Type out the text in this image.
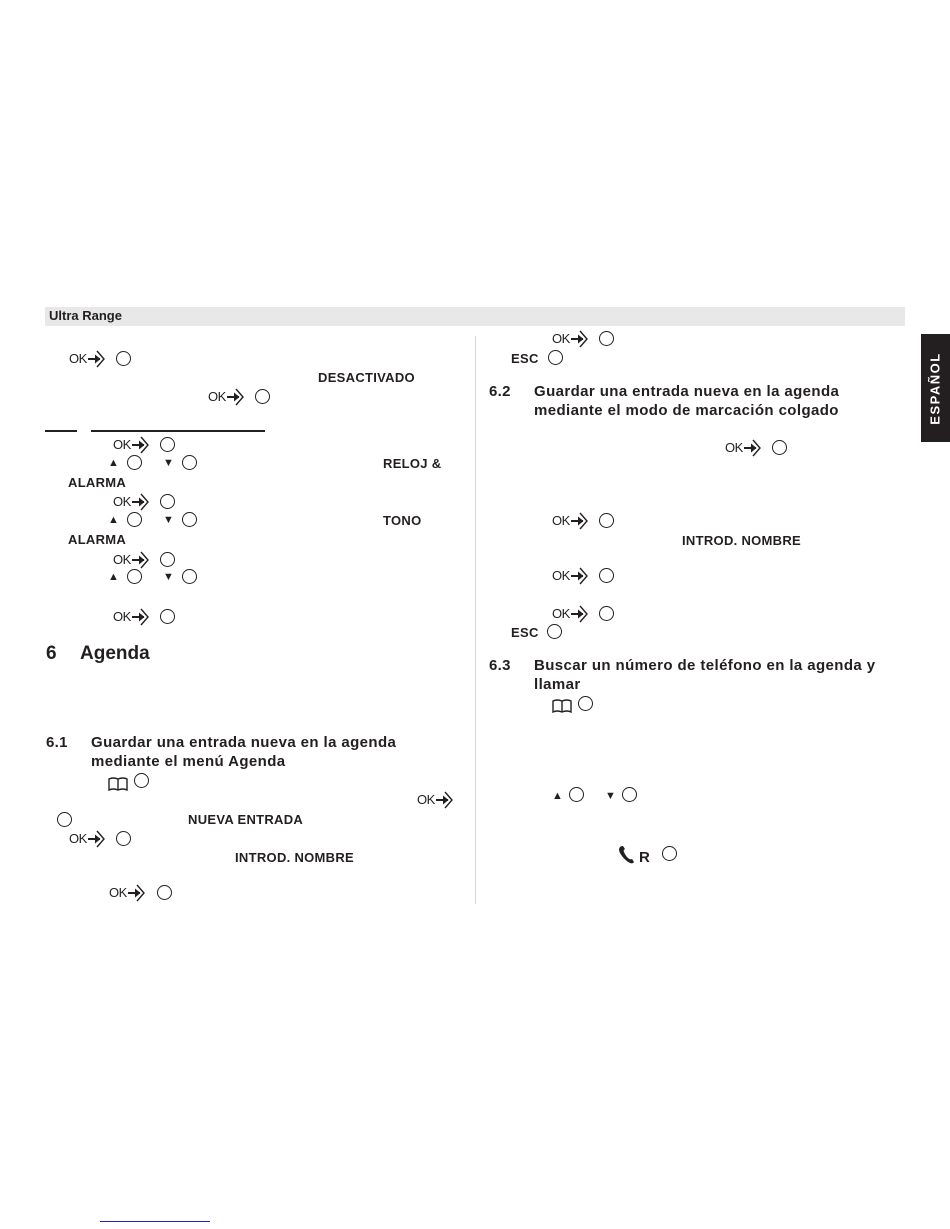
Ultra Range
ESPAÑOL
OK
DESACTIVADO
OK
OK
▲	▼	RELOJ &
ALARMA
OK
▲	▼	TONO
ALARMA
OK
▲	▼
OK
6 Agenda
6.1 Guardar una entrada nueva en la agenda
mediante el menú Agenda
OK
NUEVA ENTRADA
OK
INTROD. NOMBRE
OK
OK
ESC
6.2 Guardar una entrada nueva en la agenda
mediante el modo de marcación colgado
OK
OK
INTROD. NOMBRE
OK
OK
ESC
6.3 Buscar un número de teléfono en la agenda y
llamar
▲	▼
